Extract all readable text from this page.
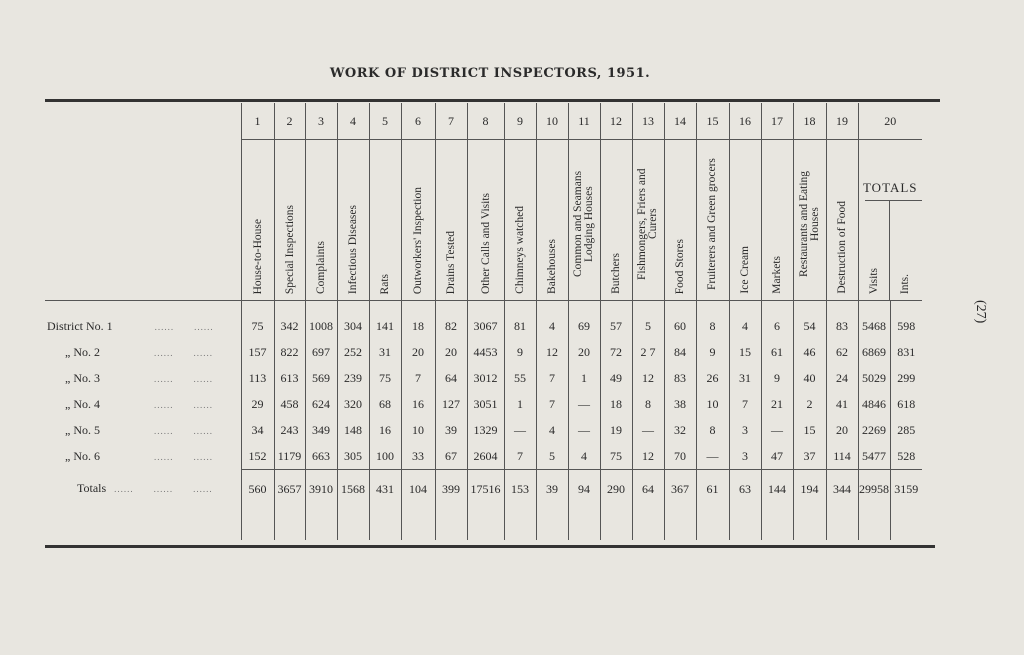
WORK OF DISTRICT INSPECTORS, 1951.
	1	2	3	4	5	6	7	8	9	10	11	12	13	14	15	16	17	18	19	20	

	House-to-House	Special Inspections	Complaints	Infectious Diseases	Rats	Outworkers' Inspection	Drains Tested	Other Calls and Visits	Chimneys watched	Bakehouses	Common and Seamans Lodging Houses	Butchers	Fishmongers, Friers and Curers	Food Stores	Fruiterers and Green grocers	Ice Cream	Markets	Restaurants and Eating Houses	Destruction of Food	TOTALS
Visits Ints.	

District No. 1 ...... ......	75	342	1008	304	141	18	82	3067	81	4	69	57	5	60	8	4	6	54	83	5468	598
„ No. 2 ...... ......	157	822	697	252	31	20	20	4453	9	12	20	72	2 7	84	9	15	61	46	62	6869	831
„ No. 3 ...... ......	113	613	569	239	75	7	64	3012	55	7	1	49	12	83	26	31	9	40	24	5029	299
„ No. 4 ...... ......	29	458	624	320	68	16	127	3051	1	7	—	18	8	38	10	7	21	2	41	4846	618
„ No. 5 ...... ......	34	243	349	148	16	10	39	1329	—	4	—	19	—	32	8	3	—	15	20	2269	285
„ No. 6 ...... ......	152	1179	663	305	100	33	67	2604	7	5	4	75	12	70	—	3	47	37	114	5477	528
Totals ...... ...... ......	560	3657	3910	1568	431	104	399	17516	153	39	94	290	64	367	61	63	144	194	344	29958	3159

(27)
